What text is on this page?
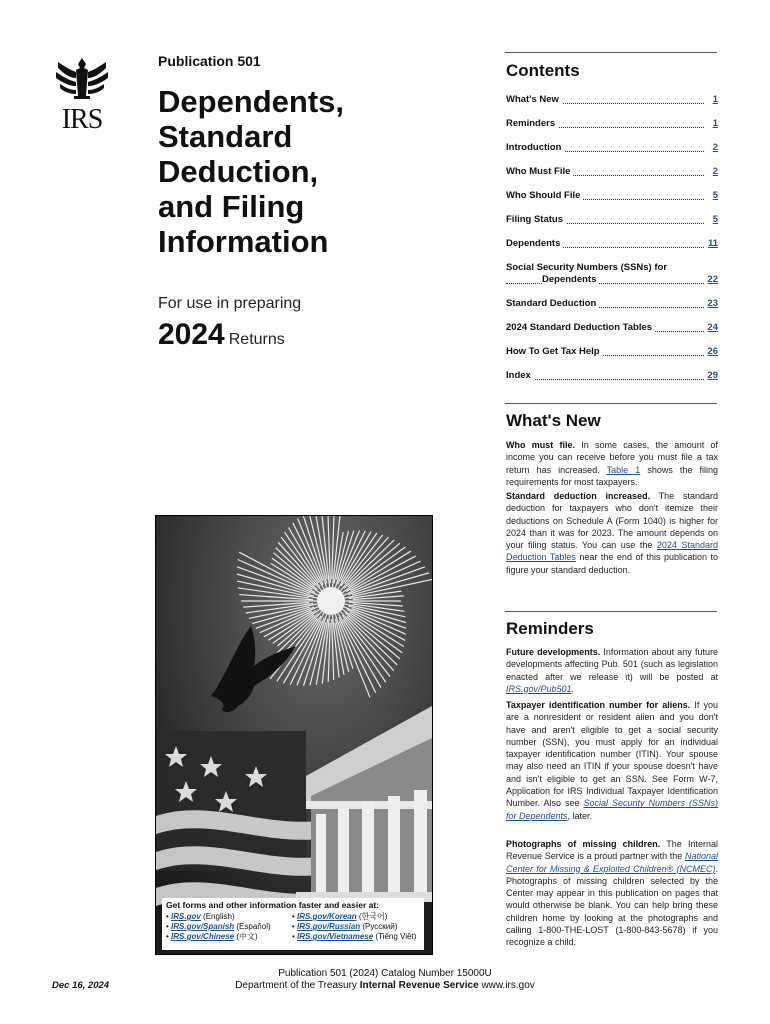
IRS
Publication 501
Dependents,
Standard
Deduction,
and Filing
Information
For use in preparing
2024 Returns
Get forms and other information faster and easier at:
• IRS.gov (English)
• IRS.gov/Spanish (Español)
• IRS.gov/Chinese (中文)
• IRS.gov/Korean (한국어)
• IRS.gov/Russian (Pусский)
• IRS.gov/Vietnamese (Tiếng Việt)
Contents
What's New	1
Reminders	1
Introduction	2
Who Must File	2
Who Should File	5
Filing Status	5
Dependents	11
Social Security Numbers (SSNs) for
Dependents	22
Standard Deduction	23
2024 Standard Deduction Tables	24
How To Get Tax Help	26
Index	29
What's New

Who must file. In some cases, the amount of income you can receive before you must file a tax return has increased. Table 1 shows the filing requirements for most taxpayers.

Standard deduction increased. The standard deduction for taxpayers who don't itemize their deductions on Schedule A (Form 1040) is higher for 2024 than it was for 2023. The amount depends on your filing status. You can use the 2024 Standard Deduction Tables near the end of this publication to figure your standard deduction.

Reminders

Future developments. Information about any future developments affecting Pub. 501 (such as legislation enacted after we release it) will be posted at IRS.gov/Pub501.

Taxpayer identification number for aliens. If you are a nonresident or resident alien and you don't have and aren't eligible to get a social security number (SSN), you must apply for an individual taxpayer identification number (ITIN). Your spouse may also need an ITIN if your spouse doesn't have and isn't eligible to get an SSN. See Form W-7, Application for IRS Individual Taxpayer Identification Number. Also see Social Security Numbers (SSNs) for Dependents, later.

Photographs of missing children. The Internal Revenue Service is a proud partner with the National Center for Missing & Exploited Children® (NCMEC). Photographs of missing children selected by the Center may appear in this publication on pages that would otherwise be blank. You can help bring these children home by looking at the photographs and calling 1-800-THE-LOST (1-800-843-5678) if you recognize a child.

Dec 16, 2024
Publication 501 (2024) Catalog Number 15000U
Department of the Treasury Internal Revenue Service www.irs.gov
